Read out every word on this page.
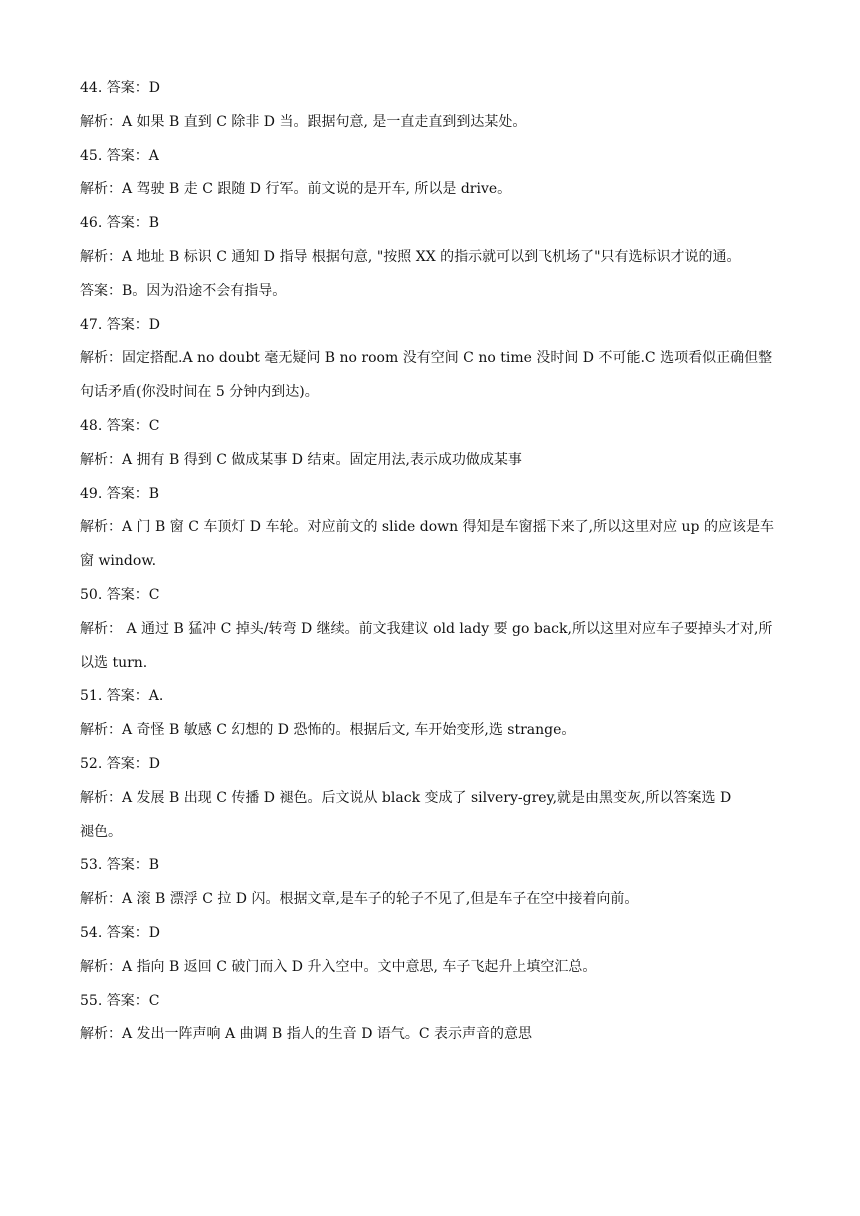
44. 答案：D
解析：A 如果 B 直到 C 除非 D 当。跟据句意, 是一直走直到到达某处。
45. 答案：A
解析：A 驾驶 B 走 C 跟随 D 行军。前文说的是开车, 所以是 drive。
46. 答案：B
解析：A 地址 B 标识 C 通知 D 指导 根据句意, "按照 XX 的指示就可以到飞机场了"只有选标识才说的通。
答案：B。因为沿途不会有指导。
47. 答案：D
解析：固定搭配.A no doubt 毫无疑问 B no room 没有空间 C no time 没时间 D 不可能.C 选项看似正确但整句话矛盾(你没时间在 5 分钟内到达)。
48. 答案：C
解析：A 拥有 B 得到 C 做成某事 D 结束。固定用法,表示成功做成某事
49. 答案：B
解析：A 门 B 窗 C 车顶灯 D 车轮。对应前文的 slide down 得知是车窗摇下来了,所以这里对应 up 的应该是车窗 window.
50. 答案：C
解析： A 通过 B 猛冲 C 掉头/转弯 D 继续。前文我建议 old lady 要 go back,所以这里对应车子要掉头才对,所以选 turn.
51. 答案：A.
解析：A 奇怪 B 敏感 C 幻想的 D 恐怖的。根据后文, 车开始变形,选 strange。
52. 答案：D
解析：A 发展 B 出现 C 传播 D 褪色。后文说从 black 变成了 silvery-grey,就是由黑变灰,所以答案选 D
褪色。
53. 答案：B
解析：A 滚 B 漂浮 C 拉 D 闪。根据文章,是车子的轮子不见了,但是车子在空中接着向前。
54. 答案：D
解析：A 指向 B 返回 C 破门而入 D 升入空中。文中意思, 车子飞起升上填空汇总。
55. 答案：C
解析：A 发出一阵声响 A 曲调 B 指人的生音 D 语气。C 表示声音的意思
